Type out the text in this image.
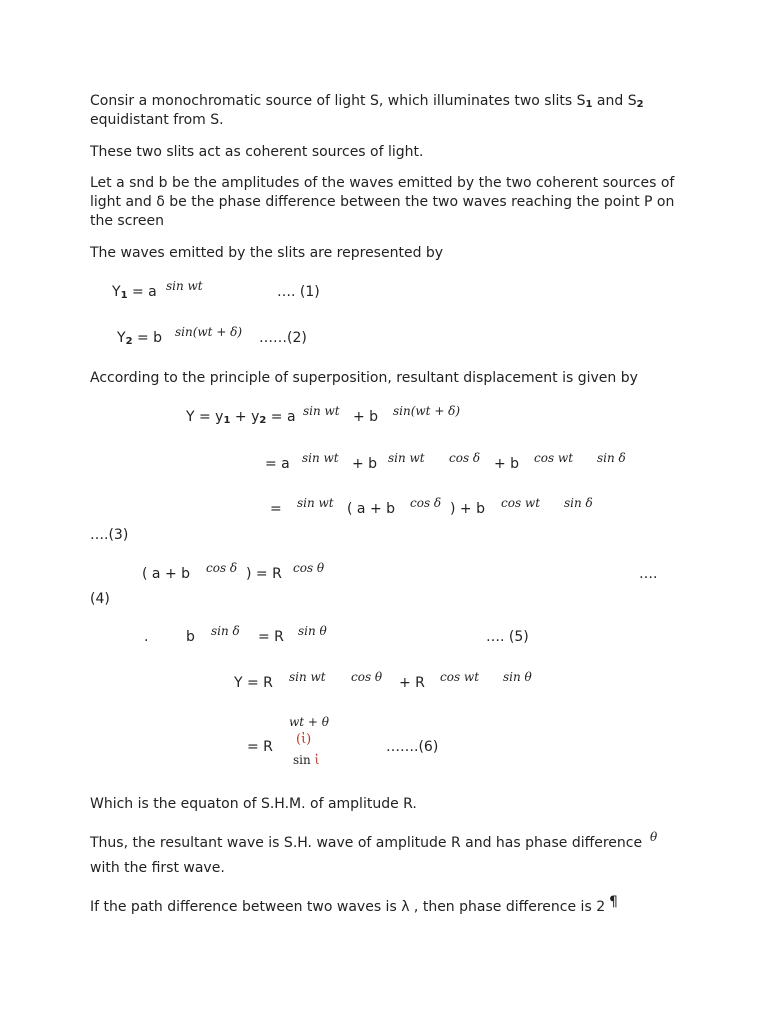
Consir a monochromatic source of light S, which illuminates two slits $S_1$ and $S_2$
equidistant from S.
These two slits act as coherent sources of light.
Let a snd b be the amplitudes of the waves emitted by the two coherent sources of
light and δ be the phase difference between the two waves reaching the point P on
the screen
The waves emitted by the slits are represented by
$Y_1 = a$ sin wt	…. (1)
$Y_2 = b$ sin(wt + δ) ……(2)
According to the principle of superposition, resultant displacement is given by
$Y = y_1 + y_2 = a$ sin wt + b sin(wt + δ)
= a sin wt + b sin wt cos δ + b cos wt sin δ
= sin wt ( a + b cos δ ) + b cos wt sin δ
….(3)
( a + b cos δ ) = R cos θ	….
(4)
.	b sin δ = R sin θ	…. (5)
Y = R sin wt cos θ + R cos wt sin θ
= R
wt + θ
(ἰ)
sin ἰ
…….(6)
Which is the equaton of S.H.M. of amplitude R.
Thus, the resultant wave is S.H. wave of amplitude R and has phase difference θ
with the first wave.
If the path difference between two waves is λ , then phase difference is 2 ¶
